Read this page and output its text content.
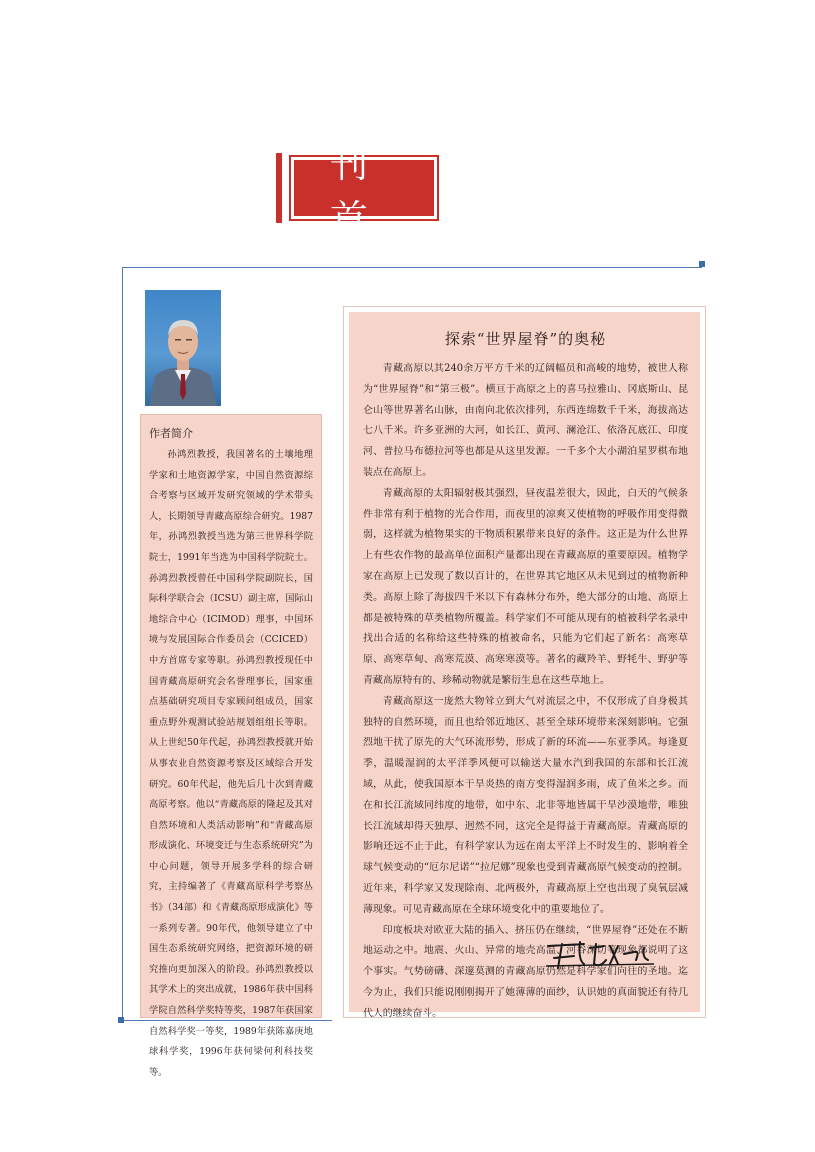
刊 首
作者简介

孙鸿烈教授，我国著名的土壤地理学家和土地资源学家，中国自然资源综合考察与区域开发研究领域的学术带头人，长期领导青藏高原综合研究。1987年，孙鸿烈教授当选为第三世界科学院院士，1991年当选为中国科学院院士。孙鸿烈教授曾任中国科学院副院长，国际科学联合会（ICSU）副主席，国际山地综合中心（ICIMOD）理事，中国环境与发展国际合作委员会（CCICED）中方首席专家等职。孙鸿烈教授现任中国青藏高原研究会名誉理事长，国家重点基础研究项目专家顾问组成员，国家重点野外观测试验站规划组组长等职。从上世纪50年代起，孙鸿烈教授就开始从事农业自然资源考察及区域综合开发研究。60年代起，他先后几十次到青藏高原考察。他以“青藏高原的隆起及其对自然环境和人类活动影响”和“青藏高原形成演化、环境变迁与生态系统研究”为中心问题，领导开展多学科的综合研究，主持编著了《青藏高原科学考察丛书》（34部）和《青藏高原形成演化》等一系列专著。90年代，他领导建立了中国生态系统研究网络，把资源环境的研究推向更加深入的阶段。孙鸿烈教授以其学术上的突出成就，1986年获中国科学院自然科学奖特等奖，1987年获国家自然科学奖一等奖，1989年获陈嘉庚地球科学奖，1996年获何梁何利科技奖等。

探索“世界屋脊”的奥秘

青藏高原以其240余万平方千米的辽阔幅员和高峻的地势，被世人称为“世界屋脊”和“第三极”。横亘于高原之上的喜马拉雅山、冈底斯山、昆仑山等世界著名山脉，由南向北依次排列，东西连绵数千千米，海拔高达七八千米。许多亚洲的大河，如长江、黄河、澜沧江、依洛瓦底江、印度河、普拉马布德拉河等也都是从这里发源。一千多个大小湖泊星罗棋布地装点在高原上。

青藏高原的太阳辐射极其强烈，昼夜温差很大，因此，白天的气候条件非常有利于植物的光合作用，而夜里的凉爽又使植物的呼吸作用变得微弱，这样就为植物果实的干物质积累带来良好的条件。这正是为什么世界上有些农作物的最高单位面积产量都出现在青藏高原的重要原因。植物学家在高原上已发现了数以百计的，在世界其它地区从未见到过的植物新种类。高原上除了海拔四千米以下有森林分布外，绝大部分的山地、高原上都是被特殊的草类植物所覆盖。科学家们不可能从现有的植被科学名录中找出合适的名称给这些特殊的植被命名，只能为它们起了新名：高寒草原、高寒草甸、高寒荒漠、高寒寒漠等。著名的藏羚羊、野牦牛、野驴等青藏高原特有的、珍稀动物就是繁衍生息在这些草地上。

青藏高原这一庞然大物耸立到大气对流层之中，不仅形成了自身极其独特的自然环境，而且也给邻近地区、甚至全球环境带来深刻影响。它强烈地干扰了原先的大气环流形势，形成了新的环流——东亚季风。每逢夏季，温暖湿润的太平洋季风便可以输送大量水汽到我国的东部和长江流域，从此，使我国原本干旱炎热的南方变得湿润多雨，成了鱼米之乡。而在和长江流域同纬度的地带，如中东、北非等地皆属干旱沙漠地带，唯独长江流域却得天独厚、迥然不同，这完全是得益于青藏高原。青藏高原的影响还远不止于此，有科学家认为远在南太平洋上不时发生的、影响着全球气候变动的“厄尔尼诺”“拉尼娜”现象也受到青藏高原气候变动的控制。近年来，科学家又发现除南、北两极外，青藏高原上空也出现了臭氧层减薄现象。可见青藏高原在全球环境变化中的重要地位了。

印度板块对欧亚大陆的插入、挤压仍在继续，“世界屋脊”还处在不断地运动之中。地震、火山、异常的地壳高温、河谷深切等现象都说明了这个事实。气势磅礴、深邃莫测的青藏高原仍然是科学家们向往的圣地。迄今为止，我们只能说刚刚揭开了她薄薄的面纱，认识她的真面貌还有待几代人的继续奋斗。
